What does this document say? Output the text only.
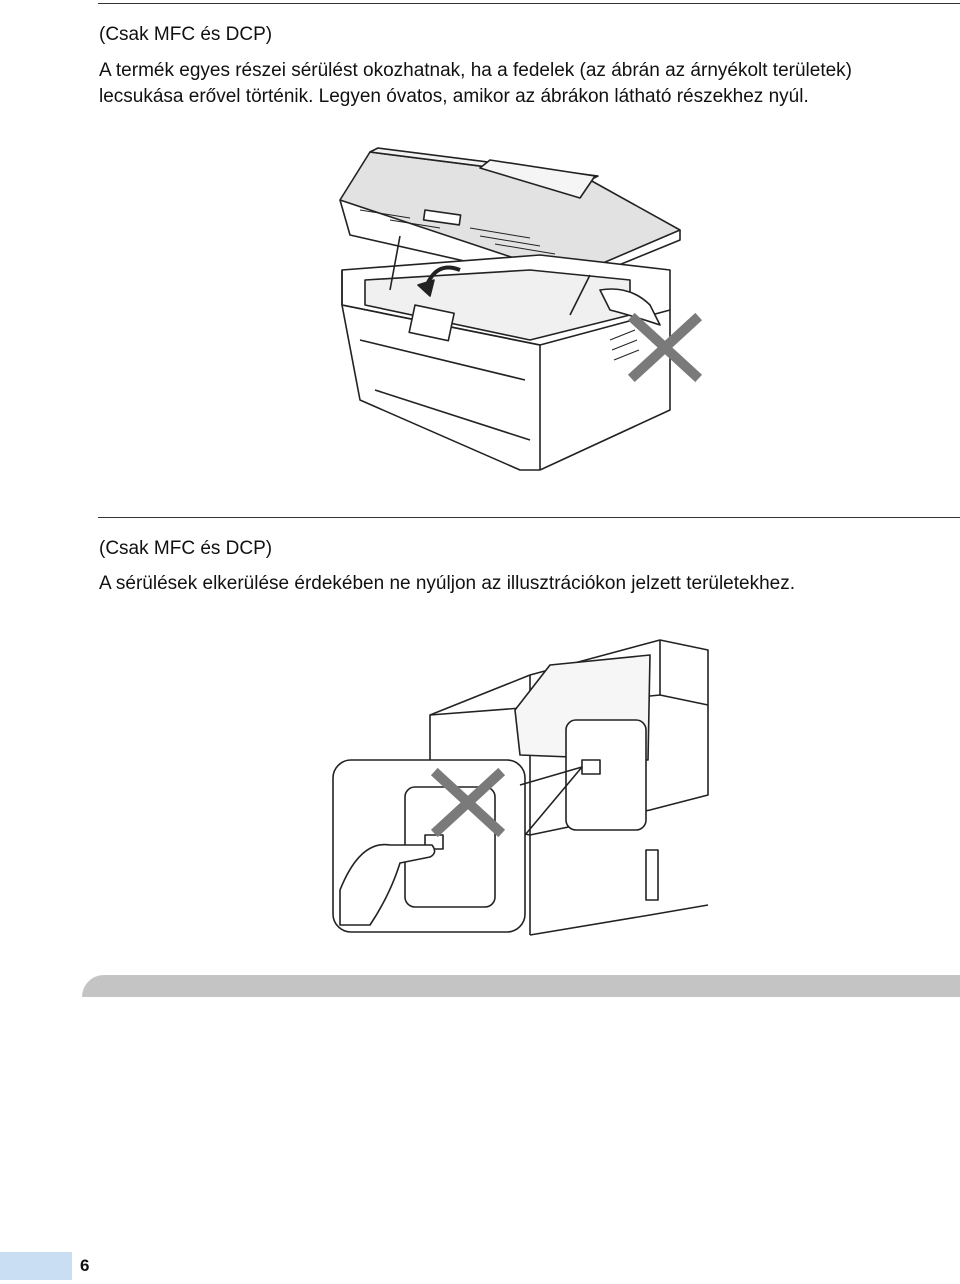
(Csak MFC és DCP)
A termék egyes részei sérülést okozhatnak, ha a fedelek (az ábrán az árnyékolt területek)
lecsukása erővel történik. Legyen óvatos, amikor az ábrákon látható részekhez nyúl.
(Csak MFC és DCP)
A sérülések elkerülése érdekében ne nyúljon az illusztrációkon jelzett területekhez.
6
